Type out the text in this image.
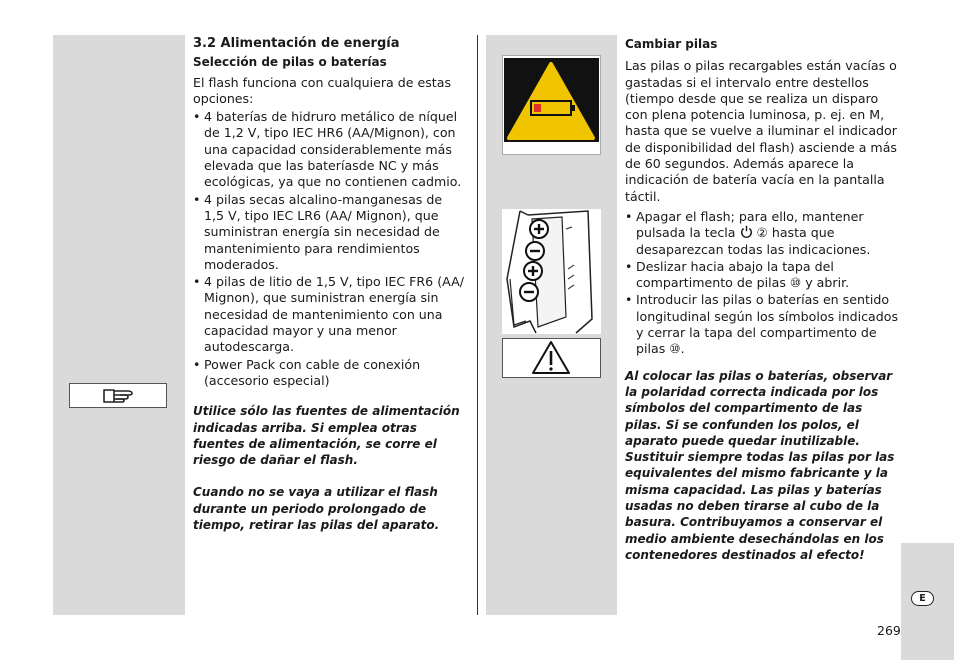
3.2 Alimentación de energía

Selección de pilas o baterías

El flash funciona con cualquiera de estas opciones:

• 4 baterías de hidruro metálico de níquel de 1,2 V, tipo IEC HR6 (AA/Mignon), con una capacidad considerablemente más elevada que las bateríasde NC y más ecológicas, ya que no contienen cadmio.
• 4 pilas secas alcalino-manganesas de 1,5 V, tipo IEC LR6 (AA/ Mignon), que suministran energía sin necesidad de mantenimiento para rendimientos moderados.
• 4 pilas de litio de 1,5 V, tipo IEC FR6 (AA/ Mignon), que suministran energía sin necesidad de mantenimiento con una capacidad mayor y una menor autodescarga.
• Power Pack con cable de conexión (accesorio especial)

Utilice sólo las fuentes de alimentación indicadas arriba. Si emplea otras fuentes de alimentación, se corre el riesgo de dañar el flash.

Cuando no se vaya a utilizar el flash durante un periodo prolongado de tiempo, retirar las pilas del aparato.

Cambiar pilas

Las pilas o pilas recargables están vacías o gastadas si el intervalo entre destellos (tiempo desde que se realiza un disparo con plena potencia luminosa, p. ej. en M, hasta que se vuelve a iluminar el indicador de disponibilidad del flash) asciende a más de 60 segundos. Además aparece la indicación de batería vacía en la pantalla táctil.

• Apagar el flash; para ello, mantener pulsada la tecla ② hasta que desaparezcan todas las indicaciones.
• Deslizar hacia abajo la tapa del compartimento de pilas ⑩ y abrir.
• Introducir las pilas o baterías en sentido longitudinal según los símbolos indicados y cerrar la tapa del compartimento de pilas ⑩.

Al colocar las pilas o baterías, observar la polaridad correcta indicada por los símbolos del compartimento de las pilas. Si se confunden los polos, el aparato puede quedar inutilizable. Sustituir siempre todas las pilas por las equivalentes del mismo fabricante y la misma capacidad. Las pilas y baterías usadas no deben tirarse al cubo de la basura. Contribuyamos a conservar el medio ambiente desechándolas en los contenedores destinados al efecto!

E
269
